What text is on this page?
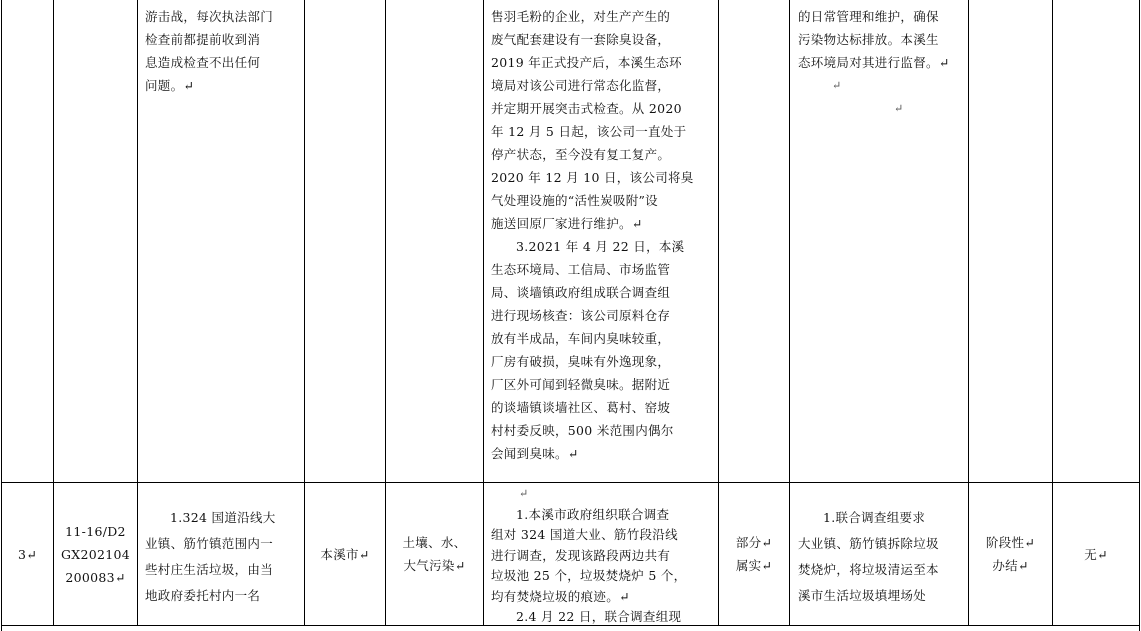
游击战，每次执法部门

检查前都提前收到消

息造成检查不出任何

问题。↵

售羽毛粉的企业，对生产产生的

废气配套建设有一套除臭设备，

2019 年正式投产后，本溪生态环

境局对该公司进行常态化监督，

并定期开展突击式检查。从 2020

年 12 月 5 日起，该公司一直处于

停产状态，至今没有复工复产。

2020 年 12 月 10 日，该公司将臭

气处理设施的“活性炭吸附”设

施送回原厂家进行维护。↵

3.2021 年 4 月 22 日，本溪

生态环境局、工信局、市场监管

局、谈墙镇政府组成联合调查组

进行现场核查：该公司原料仓存

放有半成品，车间内臭味较重，

厂房有破损，臭味有外逸现象，

厂区外可闻到轻微臭味。据附近

的谈墙镇谈墙社区、葛村、窑坡

村村委反映，500 米范围内偶尔

会闻到臭味。↵

的日常管理和维护，确保

污染物达标排放。本溪生

态环境局对其进行监督。↵

↵

↵

3↵

11-16/D2

GX202104

200083↵

1.324 国道沿线大

业镇、筋竹镇范围内一

些村庄生活垃圾，由当

地政府委托村内一名

本溪市↵

土壤、水、

大气污染↵

↵

1.本溪市政府组织联合调查

组对 324 国道大业、筋竹段沿线

进行调查，发现该路段两边共有

垃圾池 25 个，垃圾焚烧炉 5 个，

均有焚烧垃圾的痕迹。↵

2.4 月 22 日，联合调查组现

部分↵

属实↵

1.联合调查组要求

大业镇、筋竹镇拆除垃圾

焚烧炉，将垃圾清运至本

溪市生活垃圾填埋场处

阶段性↵

办结↵

无↵
